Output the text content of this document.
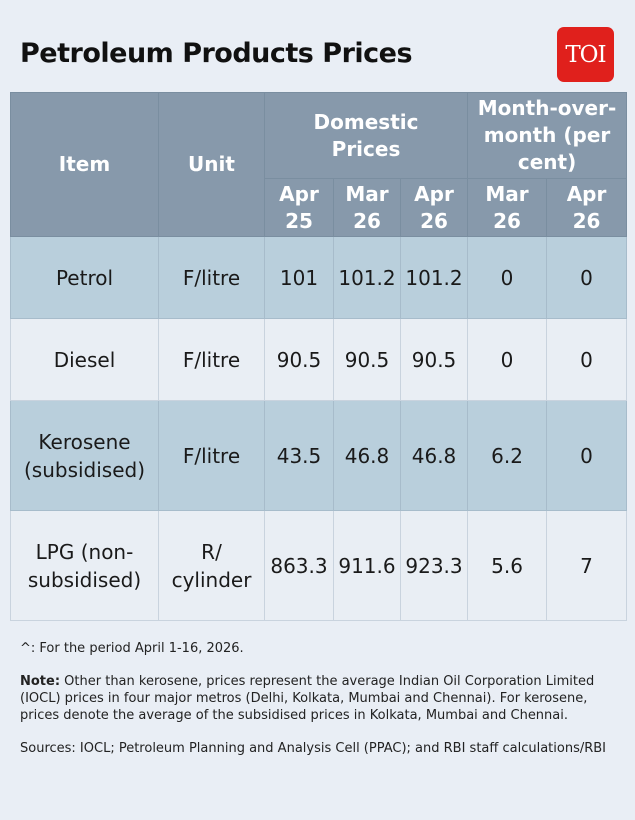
Petroleum Products Prices	TOI
Item	Unit	Domestic Prices			Month-over-month (per cent)	
		Apr 25	Mar 26	Apr 26	Mar 26	Apr 26
Petrol	F/litre	101	101.2	101.2	0	0
Diesel	F/litre	90.5	90.5	90.5	0	0
Kerosene (subsidised)	F/litre	43.5	46.8	46.8	6.2	0
LPG (non-subsidised)	R/ cylinder	863.3	911.6	923.3	5.6	7

^: For the period April 1-16, 2026.

Note: Other than kerosene, prices represent the average Indian Oil Corporation Limited (IOCL) prices in four major metros (Delhi, Kolkata, Mumbai and Chennai). For kerosene, prices denote the average of the subsidised prices in Kolkata, Mumbai and Chennai.

Sources: IOCL; Petroleum Planning and Analysis Cell (PPAC); and RBI staff calculations/RBI
